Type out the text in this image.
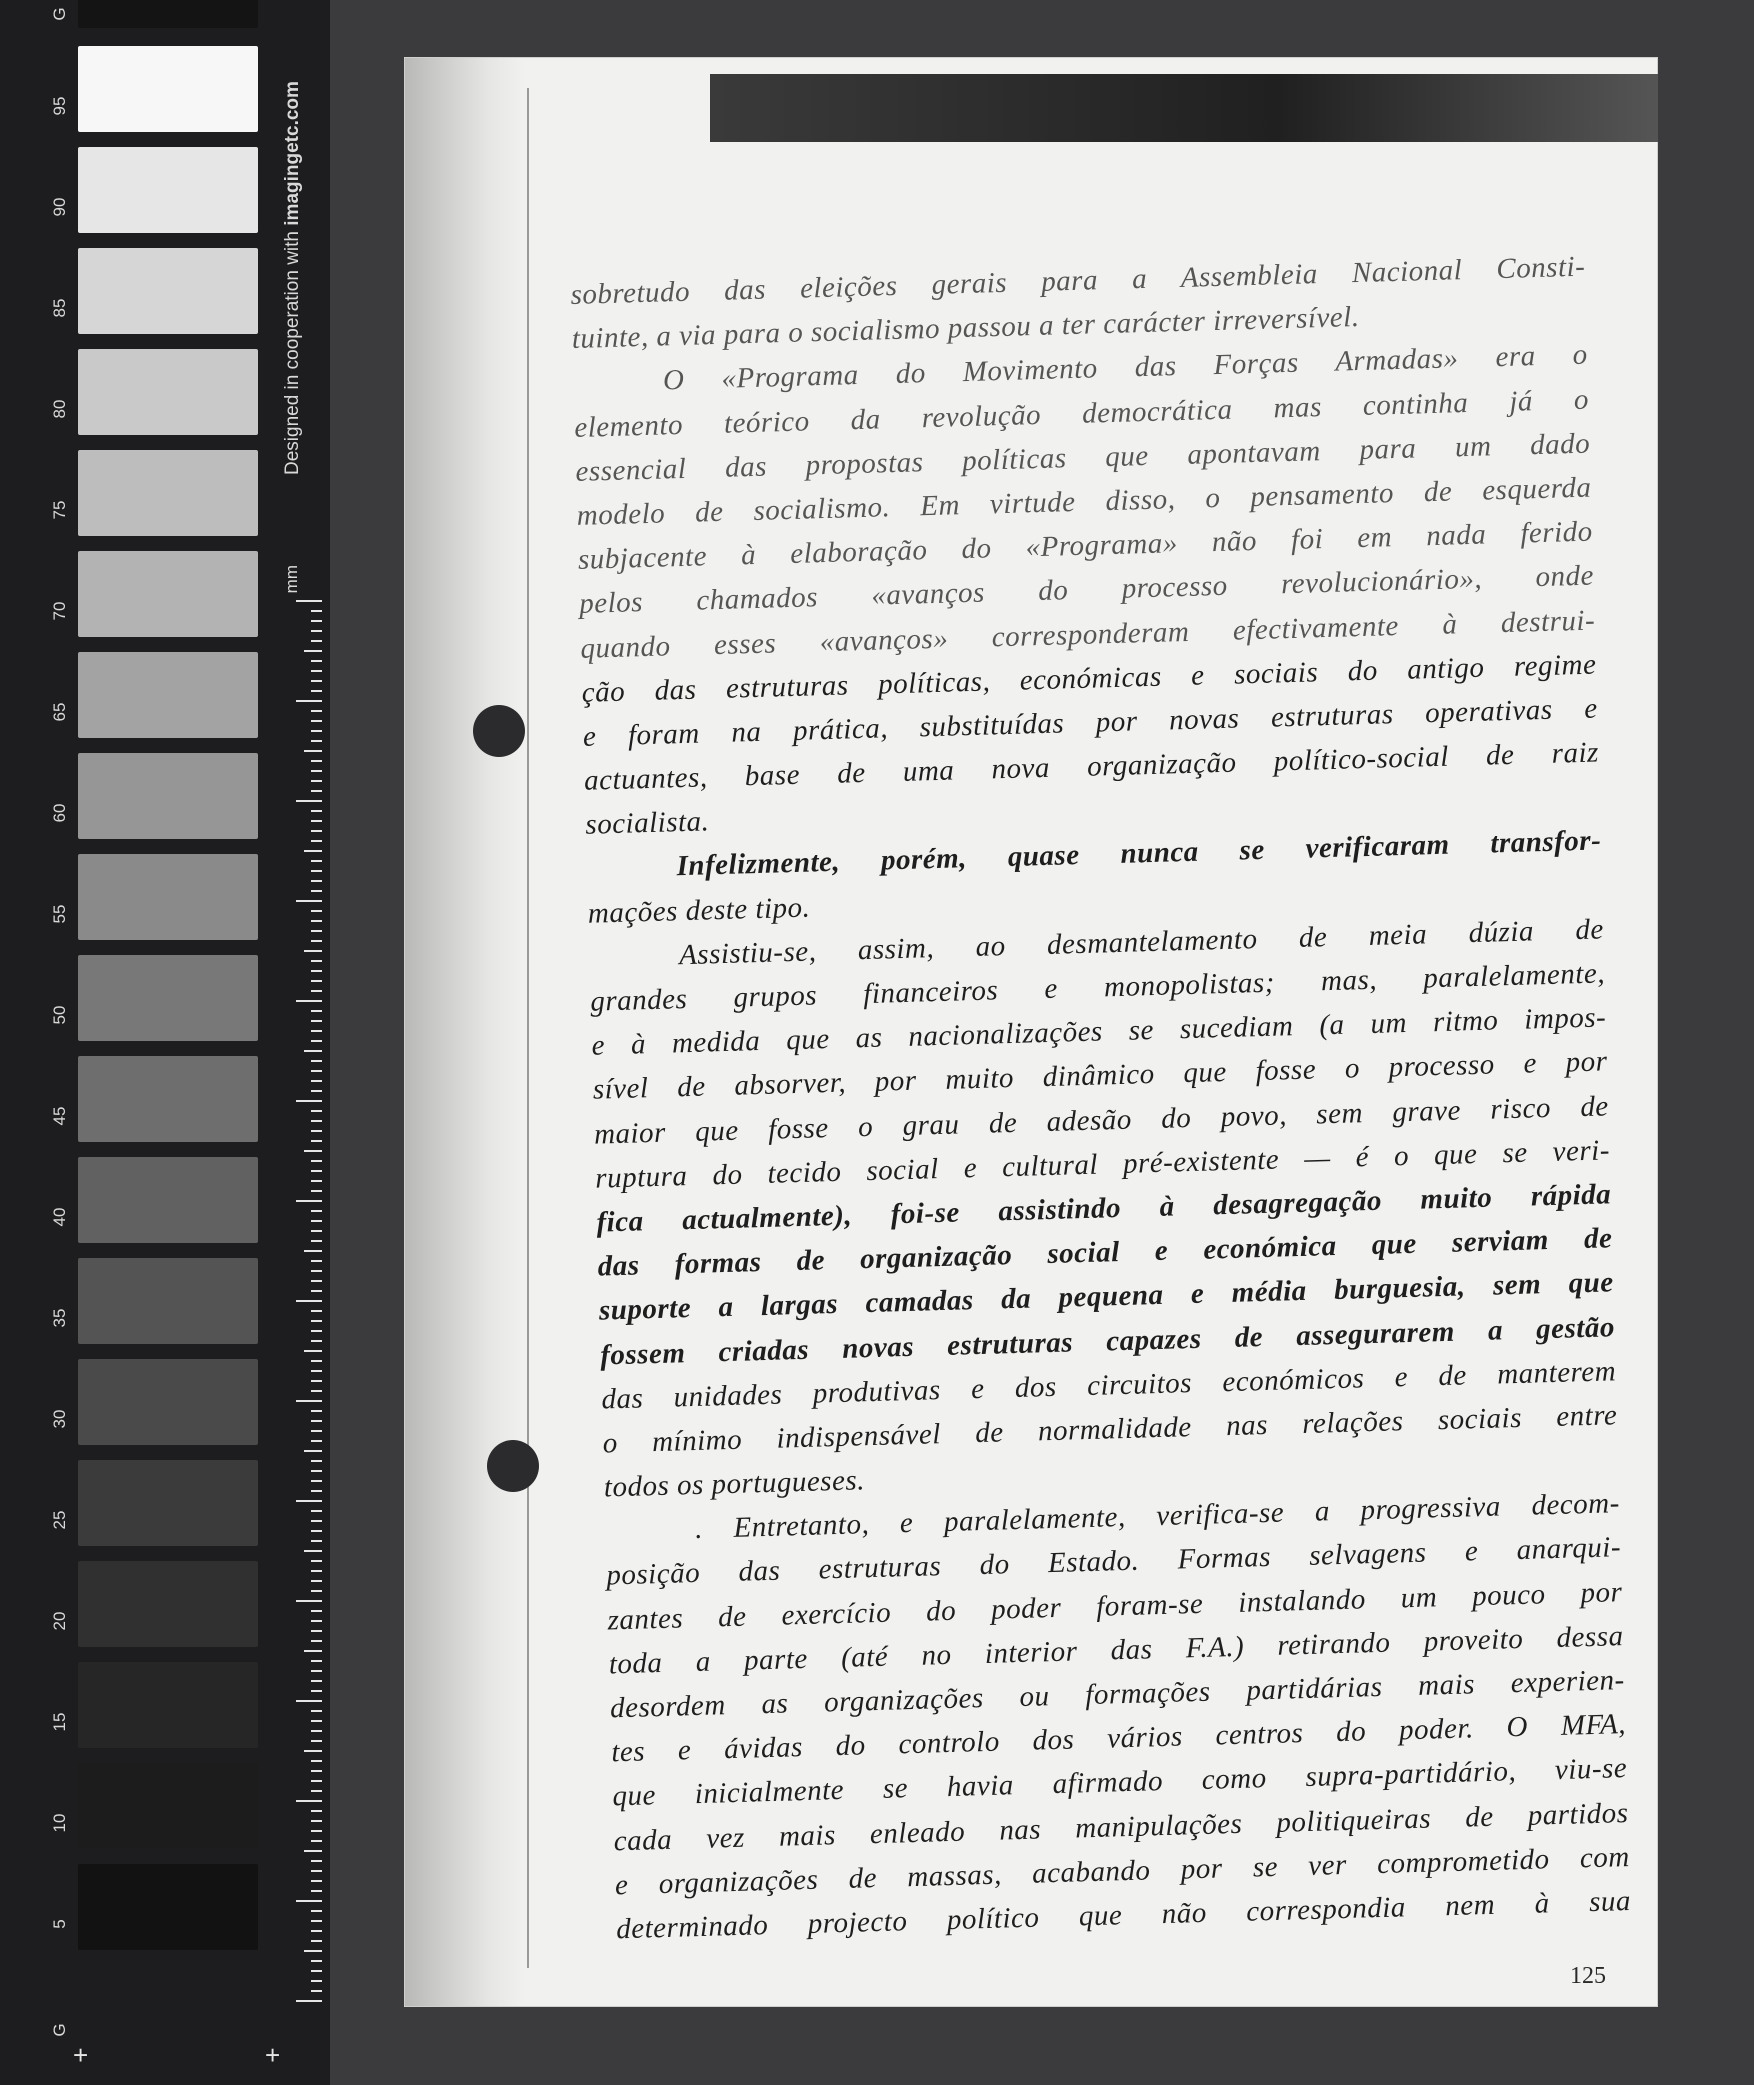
G
95
90
85
80
75
70
65
60
55
50
45
40
35
30
25
20
15
10
5
G
Designed in cooperation with imagingetc.com
mm
+	+
sobretudo das eleições gerais para a Assembleia Nacional Consti-
tuinte, a via para o socialismo passou a ter carácter irreversível.
O «Programa do Movimento das Forças Armadas» era o
elemento teórico da revolução democrática mas continha já o
essencial das propostas políticas que apontavam para um dado
modelo de socialismo. Em virtude disso, o pensamento de esquerda
subjacente à elaboração do «Programa» não foi em nada ferido
pelos chamados «avanços do processo revolucionário», onde
quando esses «avanços» corresponderam efectivamente à destrui-
ção das estruturas políticas, económicas e sociais do antigo regime
e foram na prática, substituídas por novas estruturas operativas e
actuantes, base de uma nova organização político-social de raiz
socialista.
Infelizmente, porém, quase nunca se verificaram transfor-
mações deste tipo.
Assistiu-se, assim, ao desmantelamento de meia dúzia de
grandes grupos financeiros e monopolistas; mas, paralelamente,
e à medida que as nacionalizações se sucediam (a um ritmo impos-
sível de absorver, por muito dinâmico que fosse o processo e por
maior que fosse o grau de adesão do povo, sem grave risco de
ruptura do tecido social e cultural pré-existente — é o que se veri-
fica actualmente), foi-se assistindo à desagregação muito rápida
das formas de organização social e económica que serviam de
suporte a largas camadas da pequena e média burguesia, sem que
fossem criadas novas estruturas capazes de assegurarem a gestão
das unidades produtivas e dos circuitos económicos e de manterem
o mínimo indispensável de normalidade nas relações sociais entre
todos os portugueses.
. Entretanto, e paralelamente, verifica-se a progressiva decom-
posição das estruturas do Estado. Formas selvagens e anarqui-
zantes de exercício do poder foram-se instalando um pouco por
toda a parte (até no interior das F.A.) retirando proveito dessa
desordem as organizações ou formações partidárias mais experien-
tes e ávidas do controlo dos vários centros do poder. O MFA,
que inicialmente se havia afirmado como supra-partidário, viu-se
cada vez mais enleado nas manipulações politiqueiras de partidos
e organizações de massas, acabando por se ver comprometido com
determinado projecto político que não correspondia nem à sua
125
